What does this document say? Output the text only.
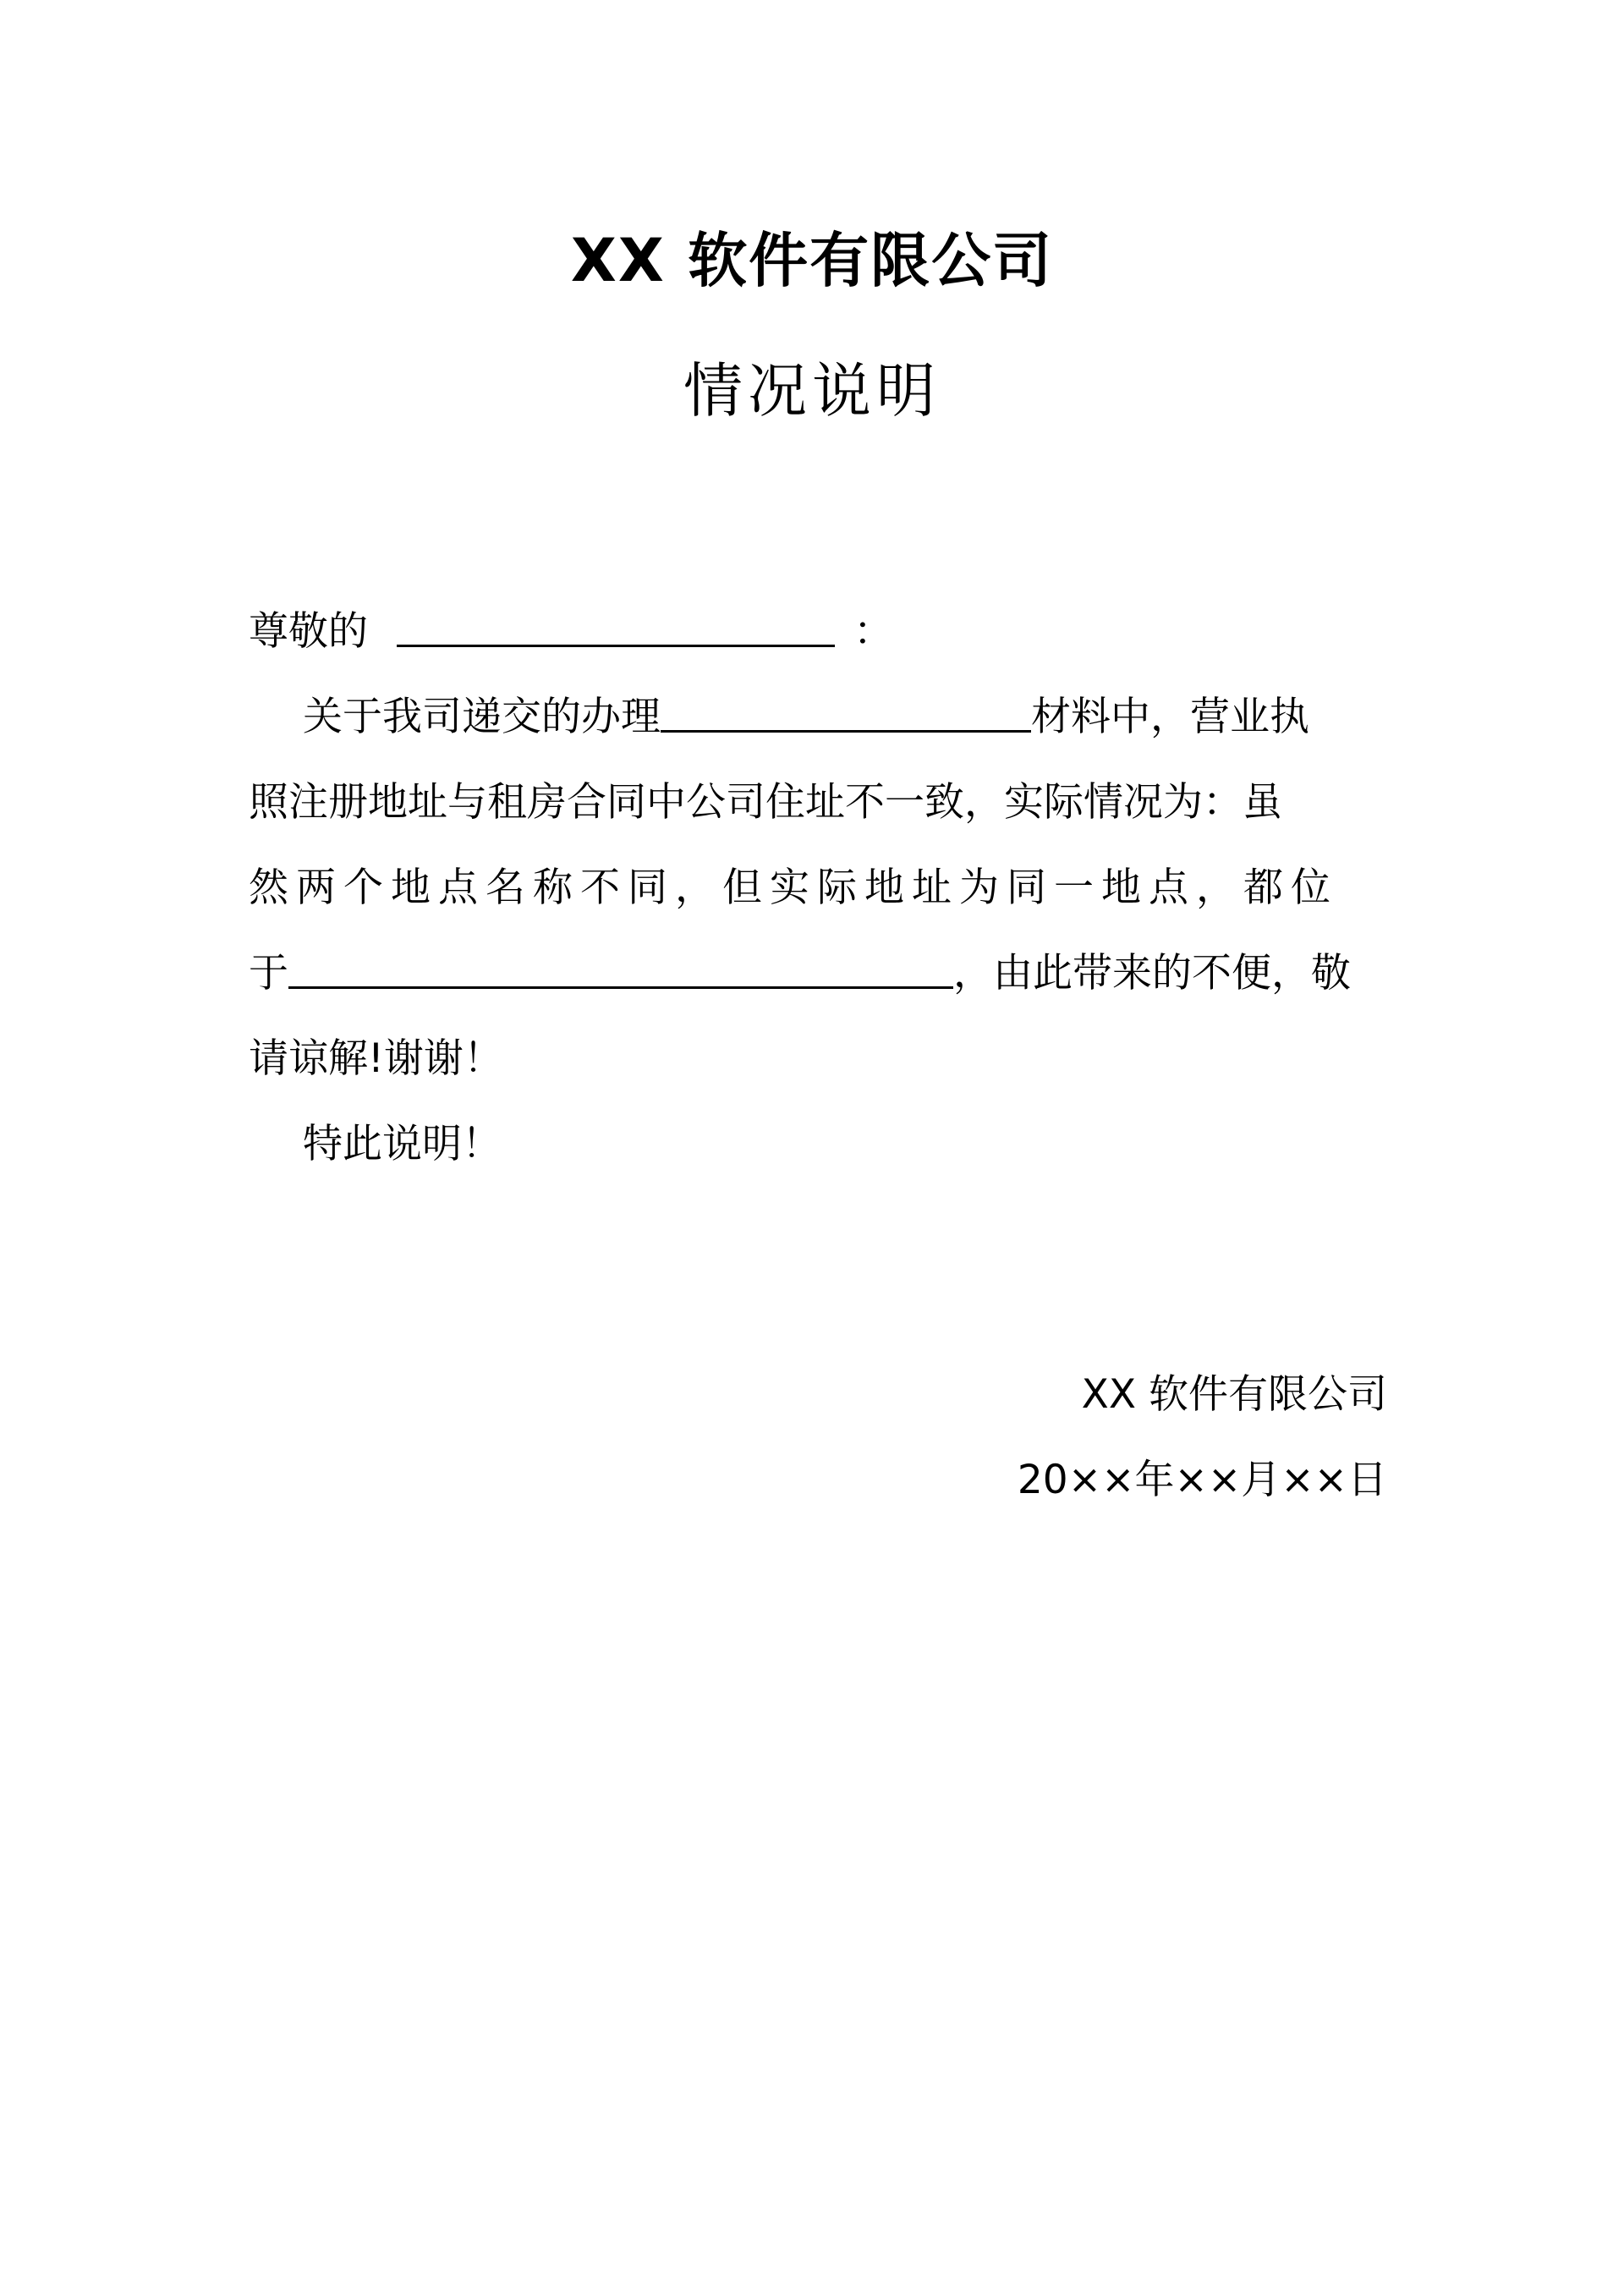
XX 软件有限公司
情况说明
尊敬的	：
关于我司递交的办理	材料中，营业执
照注册地址与租房合同中公司住址不一致，实际情况为：虽
然两个地点名称不同，但实际地址为同一地点，都位
于	，由此带来的不便，敬
请谅解!谢谢！
特此说明！
XX 软件有限公司
20××年××月××日
